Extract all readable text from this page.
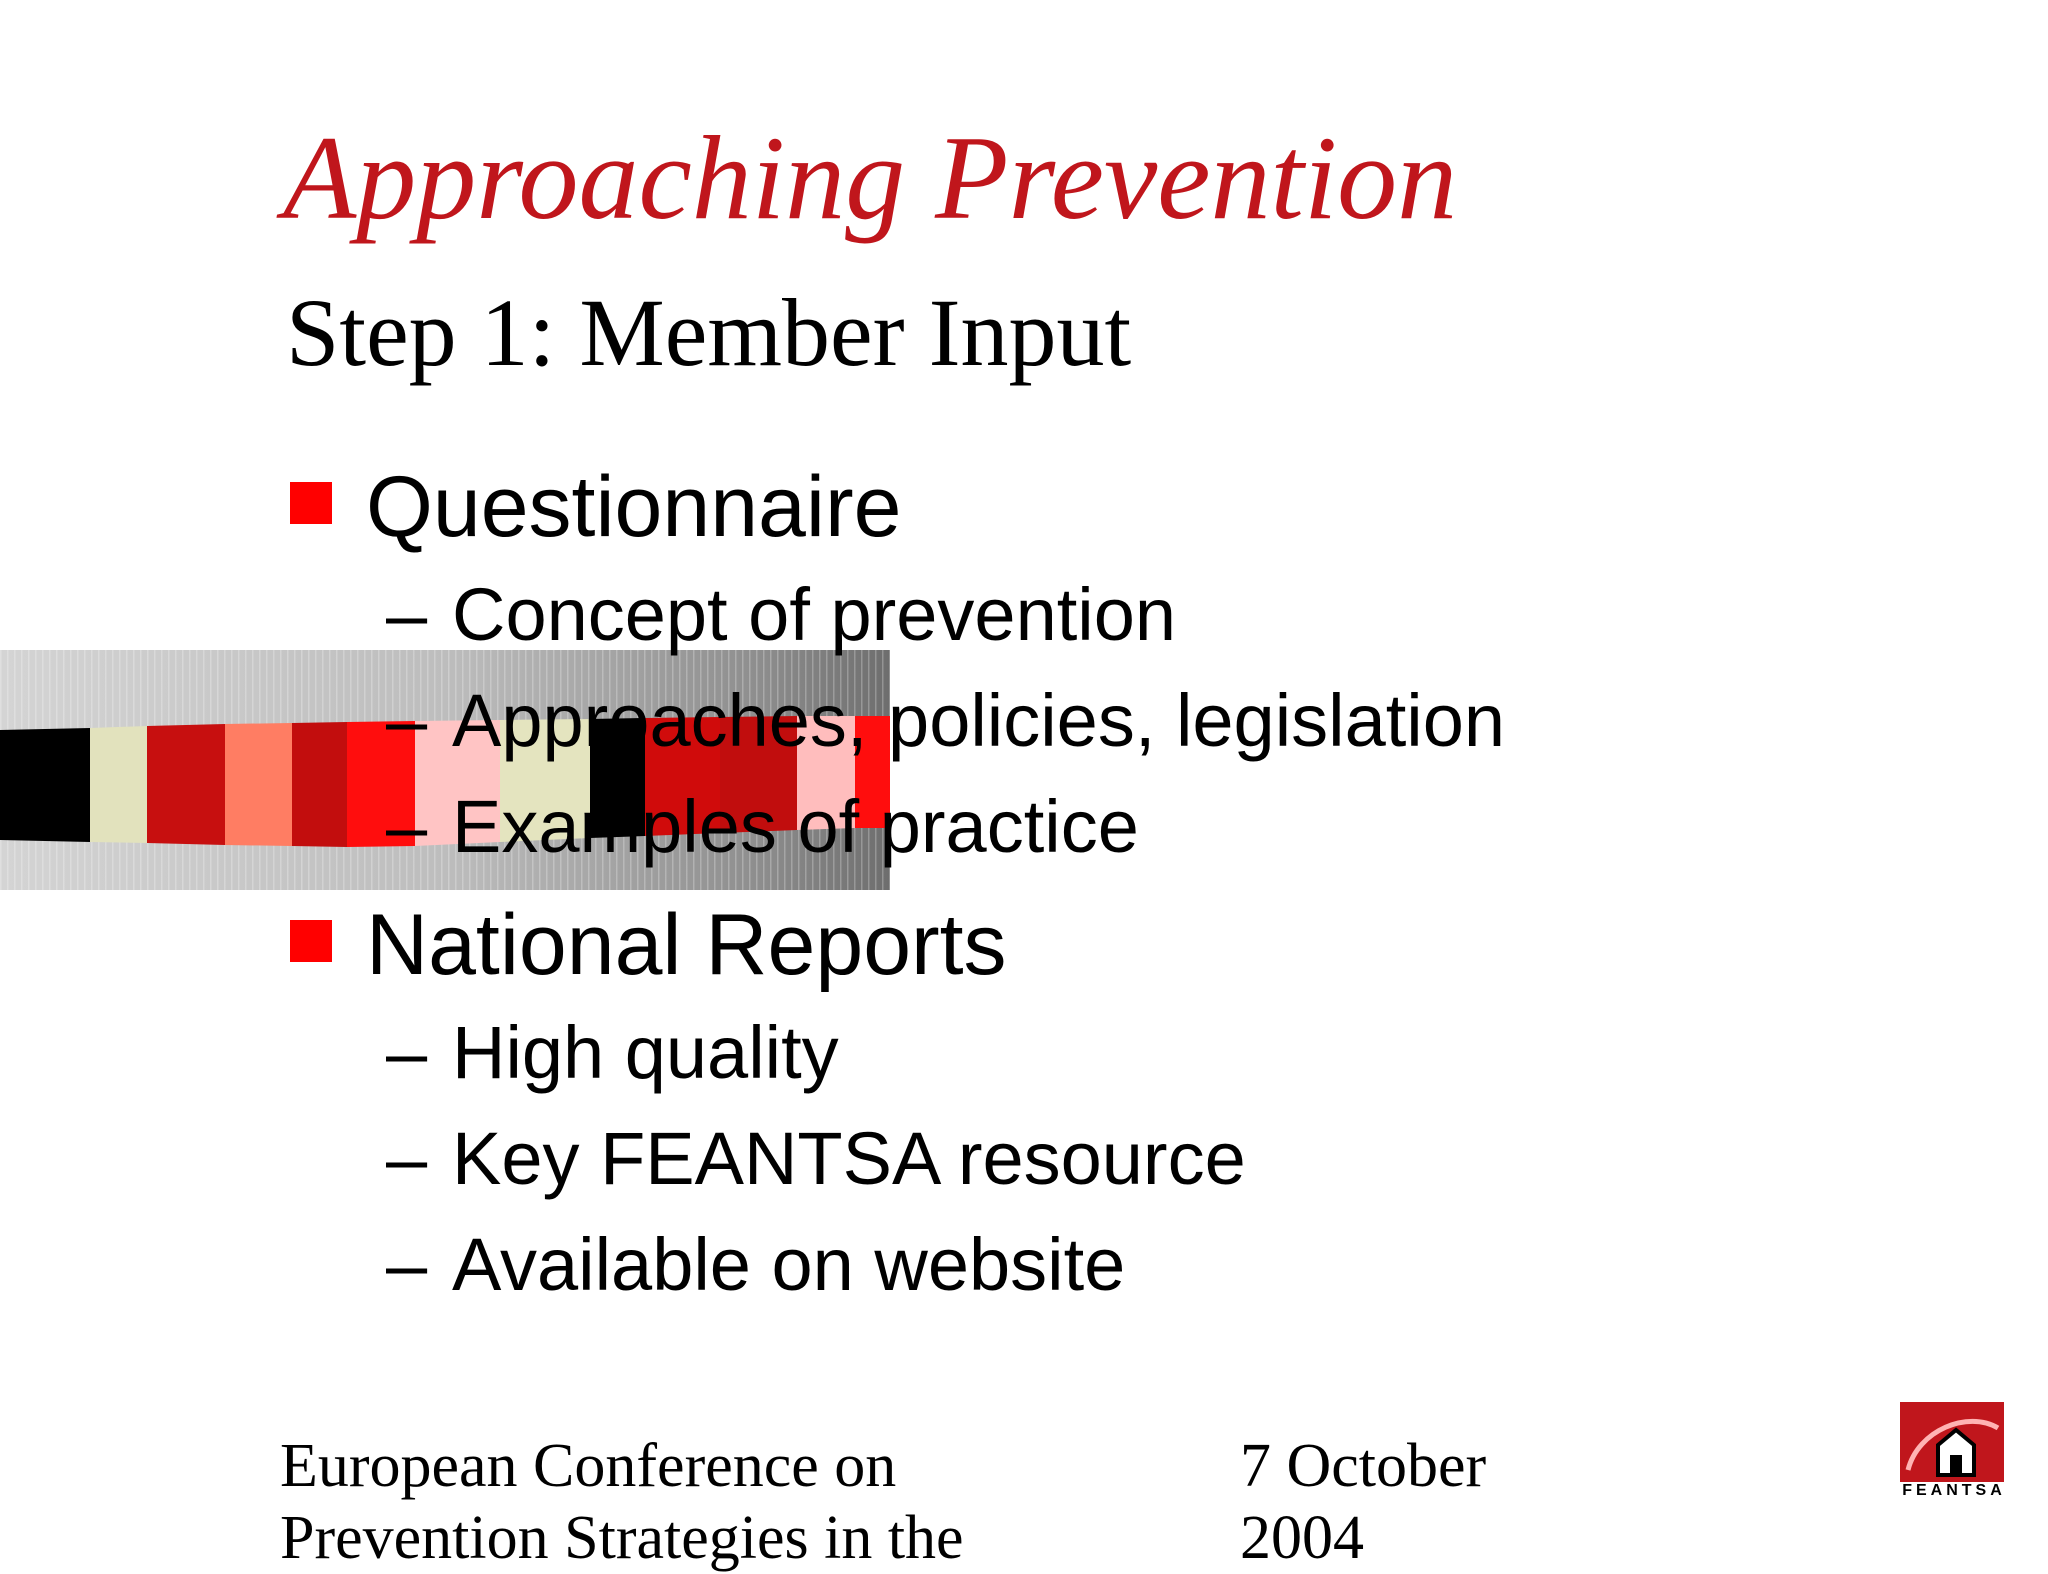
Approaching Prevention
Step 1: Member Input
Questionnaire
– Concept of prevention
– Approaches, policies, legislation
– Examples of practice
National Reports
– High quality
– Key FEANTSA resource
– Available on website
European Conference on
Prevention Strategies in the
7 October
2004
FEANTSA
